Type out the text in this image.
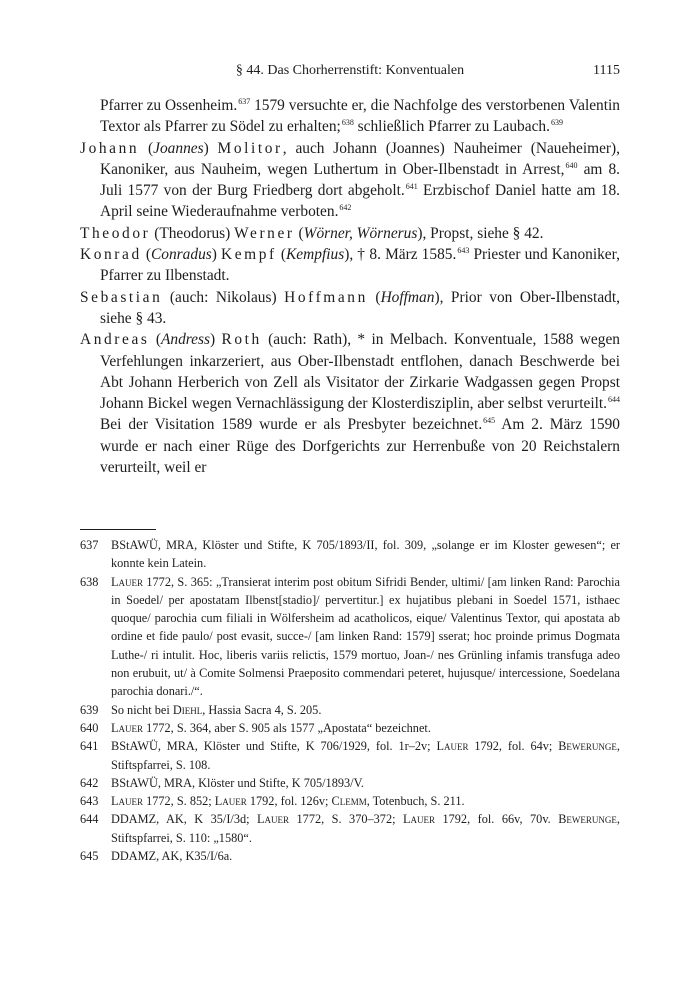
§ 44. Das Chorherrenstift: Konventualen	1115

Pfarrer zu Ossenheim.$^{637}$ 1579 versuchte er, die Nachfolge des verstorbenen Valentin Textor als Pfarrer zu Södel zu erhalten;$^{638}$ schließlich Pfarrer zu Laubach.$^{639}$

Johann (Joannes) Molitor, auch Johann (Joannes) Nauheimer (Naueheimer), Kanoniker, aus Nauheim, wegen Luthertum in Ober-Ilbenstadt in Arrest,$^{640}$ am 8. Juli 1577 von der Burg Friedberg dort abgeholt.$^{641}$ Erzbischof Daniel hatte am 18. April seine Wiederaufnahme verboten.$^{642}$

Theodor (Theodorus) Werner (Wörner, Wörnerus), Propst, siehe § 42.

Konrad (Conradus) Kempf (Kempfius), † 8. März 1585.$^{643}$ Priester und Kanoniker, Pfarrer zu Ilbenstadt.

Sebastian (auch: Nikolaus) Hoffmann (Hoffman), Prior von Ober-Ilbenstadt, siehe § 43.

Andreas (Andress) Roth (auch: Rath), * in Melbach. Konventuale, 1588 wegen Verfehlungen inkarzeriert, aus Ober-Ilbenstadt entflohen, danach Beschwerde bei Abt Johann Herberich von Zell als Visitator der Zirkarie Wadgassen gegen Propst Johann Bickel wegen Vernachlässigung der Klosterdisziplin, aber selbst verurteilt.$^{644}$ Bei der Visitation 1589 wurde er als Presbyter bezeichnet.$^{645}$ Am 2. März 1590 wurde er nach einer Rüge des Dorfgerichts zur Herrenbuße von 20 Reichstalern verurteilt, weil er

637 BStAWÜ, MRA, Klöster und Stifte, K 705/1893/II, fol. 309, „solange er im Kloster gewesen“; er konnte kein Latein.
638 Lauer 1772, S. 365: „Transierat interim post obitum Sifridi Bender, ultimi/ [am linken Rand: Parochia in Soedel/ per apostatam Ilbenst[stadio]/ pervertitur.] ex hujatibus plebani in Soedel 1571, isthaec quoque/ parochia cum filiali in Wölfersheim ad acatholicos, eique/ Valentinus Textor, qui apostata ab ordine et fide paulo/ post evasit, succe-/ [am linken Rand: 1579] sserat; hoc proinde primus Dogmata Luthe-/ ri intulit. Hoc, liberis variis relictis, 1579 mortuo, Joan-/ nes Grünling infamis transfuga adeo non erubuit, ut/ à Comite Solmensi Praeposito commendari peteret, hujusque/ intercessione, Soedelana parochia donari./“.
639 So nicht bei Diehl, Hassia Sacra 4, S. 205.
640 Lauer 1772, S. 364, aber S. 905 als 1577 „Apostata“ bezeichnet.
641 BStAWÜ, MRA, Klöster und Stifte, K 706/1929, fol. 1r–2v; Lauer 1792, fol. 64v; Bewerunge, Stiftspfarrei, S. 108.
642 BStAWÜ, MRA, Klöster und Stifte, K 705/1893/V.
643 Lauer 1772, S. 852; Lauer 1792, fol. 126v; Clemm, Totenbuch, S. 211.
644 DDAMZ, AK, K 35/I/3d; Lauer 1772, S. 370–372; Lauer 1792, fol. 66v, 70v. Bewerunge, Stiftspfarrei, S. 110: „1580“.
645 DDAMZ, AK, K35/I/6a.
